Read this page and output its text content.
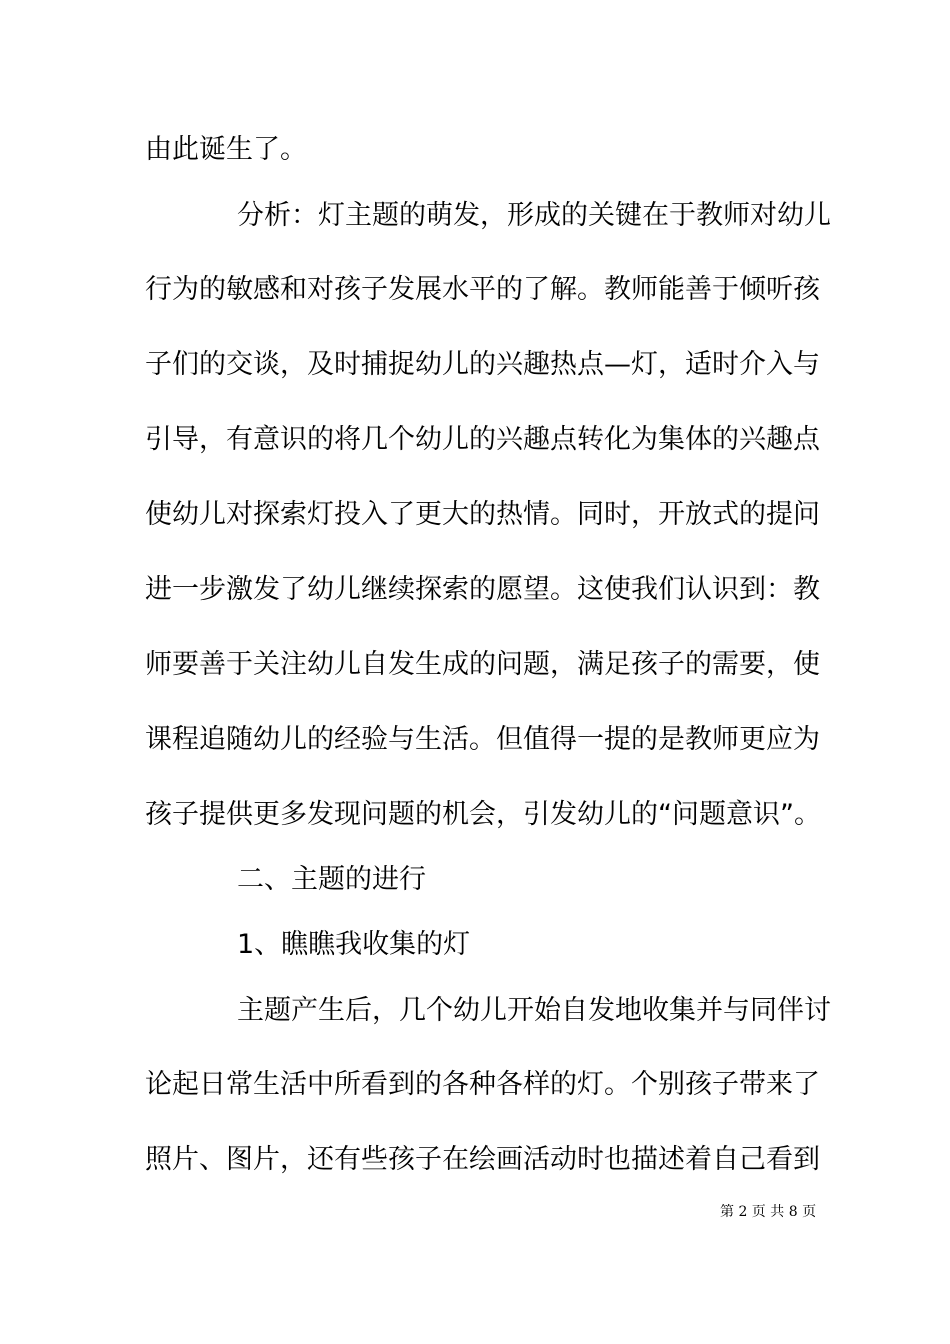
由此诞生了。
分析：灯主题的萌发，形成的关键在于教师对幼儿
行为的敏感和对孩子发展水平的了解。教师能善于倾听孩
子们的交谈，及时捕捉幼儿的兴趣热点—灯，适时介入与
引导，有意识的将几个幼儿的兴趣点转化为集体的兴趣点
使幼儿对探索灯投入了更大的热情。同时，开放式的提问
进一步激发了幼儿继续探索的愿望。这使我们认识到：教
师要善于关注幼儿自发生成的问题，满足孩子的需要，使
课程追随幼儿的经验与生活。但值得一提的是教师更应为
孩子提供更多发现问题的机会，引发幼儿的“问题意识”。
二、主题的进行
1、瞧瞧我收集的灯
主题产生后，几个幼儿开始自发地收集并与同伴讨
论起日常生活中所看到的各种各样的灯。个别孩子带来了
照片、图片，还有些孩子在绘画活动时也描述着自己看到
第 2 页 共 8 页
